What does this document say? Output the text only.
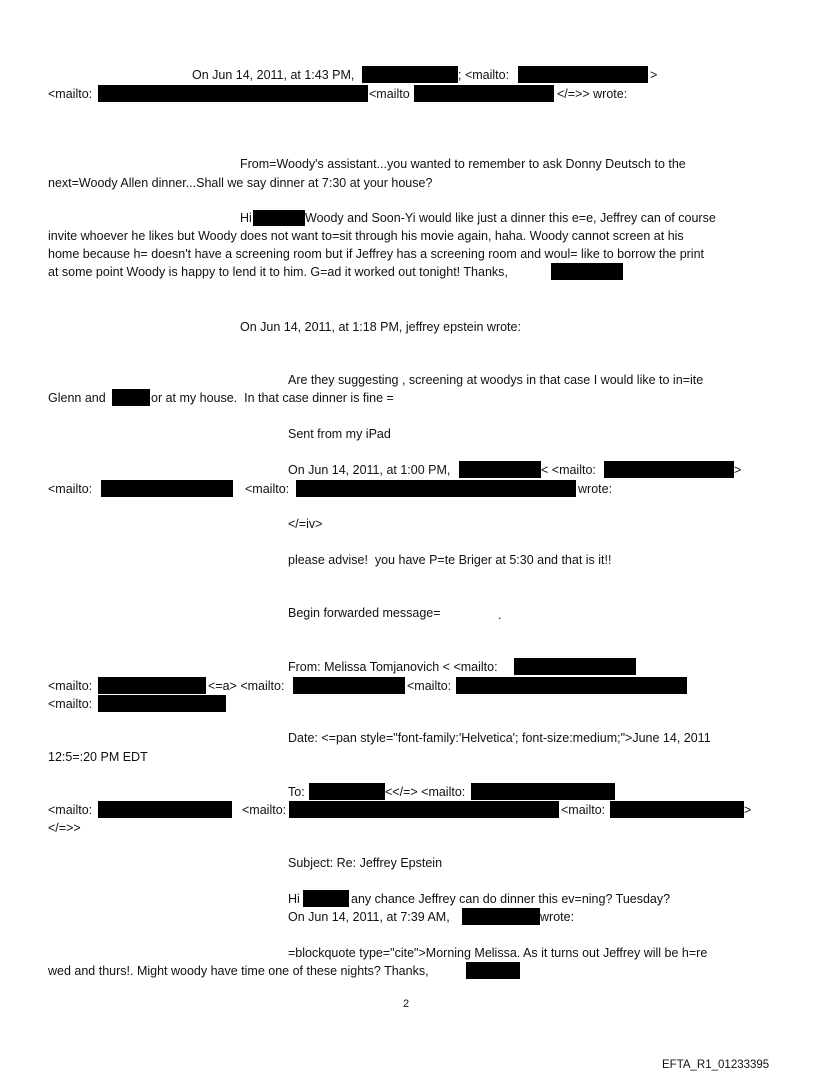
On Jun 14, 2011, at 1:43 PM,	; <mailto:	>
<mailto:	<mailto	</=>> wrote:
From=Woody's assistant...you wanted to remember to ask Donny Deutsch to the
next=Woody Allen dinner...Shall we say dinner at 7:30 at your house?
Hi	Woody and Soon-Yi would like just a dinner this e=e, Jeffrey can of course
invite whoever he likes but Woody does not want to=sit through his movie again, haha. Woody cannot screen at his
home because h= doesn't have a screening room but if Jeffrey has a screening room and woul= like to borrow the print
at some point Woody is happy to lend it to him. G=ad it worked out tonight! Thanks,
On Jun 14, 2011, at 1:18 PM, jeffrey epstein wrote:
Are they suggesting , screening at woodys in that case I would like to in=ite
Glenn and	or at my house.  In that case dinner is fine =
Sent from my iPad
On Jun 14, 2011, at 1:00 PM,	< <mailto:	>
<mailto:	<mailto:	wrote:
</=iv>
please advise!  you have P=te Briger at 5:30 and that is it!!
Begin forwarded message=	.
From: Melissa Tomjanovich < <mailto:
<mailto:	<=a> <mailto:	<mailto:
<mailto:
Date: <=pan style="font-family:'Helvetica'; font-size:medium;">June 14, 2011
12:5=:20 PM EDT
To:	<</=> <mailto:
<mailto:	<mailto:	<mailto:	>
</=>>
Subject: Re: Jeffrey Epstein
Hi	any chance Jeffrey can do dinner this ev=ning? Tuesday?
On Jun 14, 2011, at 7:39 AM,	wrote:
=blockquote type="cite">Morning Melissa. As it turns out Jeffrey will be h=re
wed and thurs!. Might woody have time one of these nights? Thanks,
2
EFTA_R1_01233395
